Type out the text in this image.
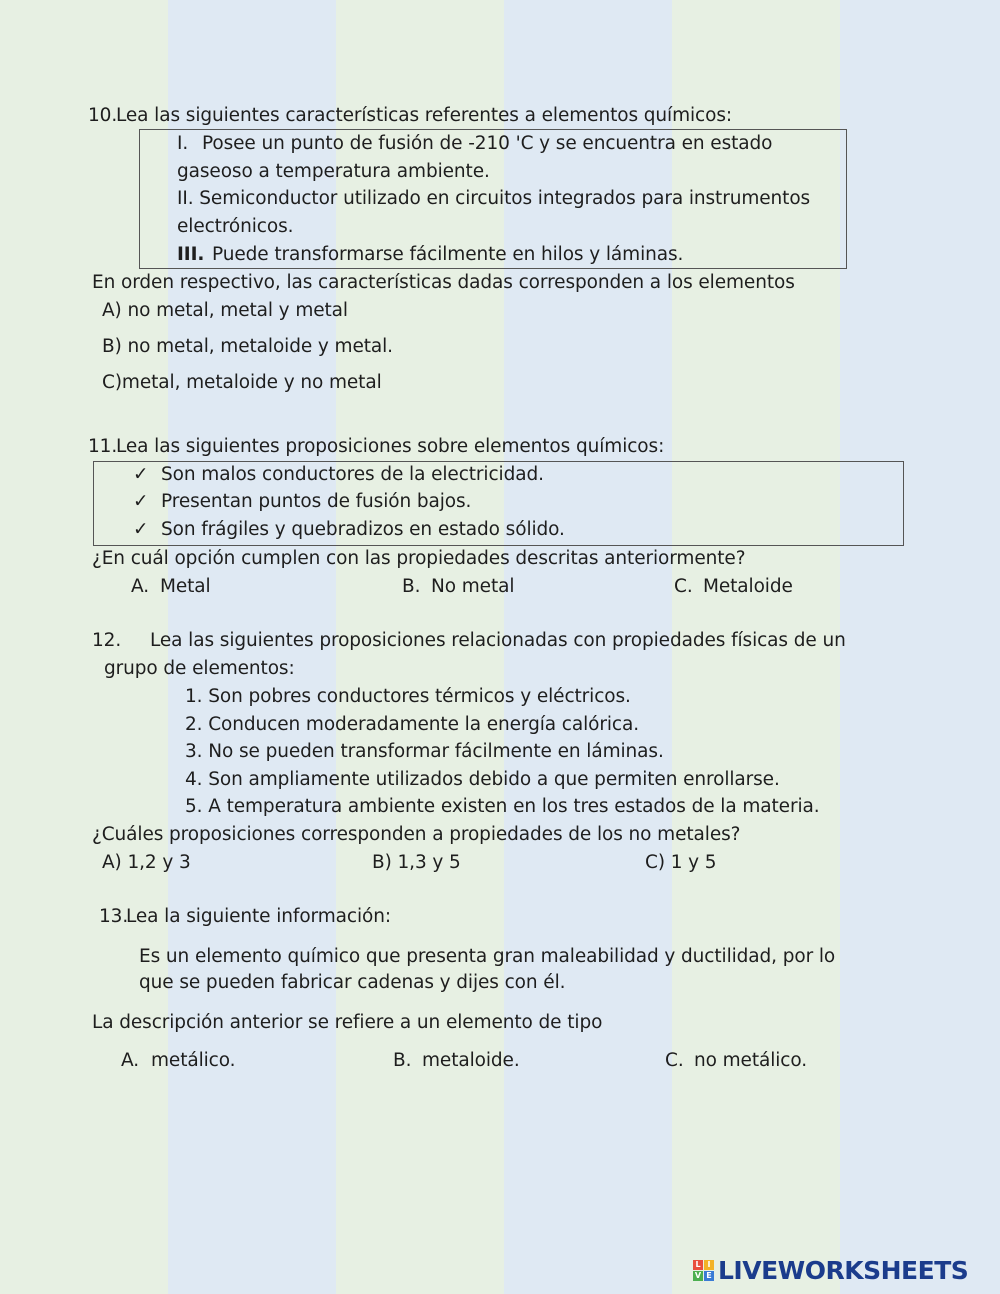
10.
Lea las siguientes características referentes a elementos químicos:
I. Posee un punto de fusión de -210 'C y se encuentra en estado
gaseoso a temperatura ambiente.
II. Semiconductor utilizado en circuitos integrados para instrumentos
electrónicos.
III. Puede transformarse fácilmente en hilos y láminas.
En orden respectivo, las características dadas corresponden a los elementos
A) no metal, metal y metal
B) no metal, metaloide y metal.
C)metal, metaloide y no metal
11.
Lea las siguientes proposiciones sobre elementos químicos:
✓ Son malos conductores de la electricidad.
✓ Presentan puntos de fusión bajos.
✓ Son frágiles y quebradizos en estado sólido.
¿En cuál opción cumplen con las propiedades descritas anteriormente?
A. Metal	B. No metal	C. Metaloide
12. Lea las siguientes proposiciones relacionadas con propiedades físicas de un
grupo de elementos:
1. Son pobres conductores térmicos y eléctricos.
2. Conducen moderadamente la energía calórica.
3. No se pueden transformar fácilmente en láminas.
4. Son ampliamente utilizados debido a que permiten enrollarse.
5. A temperatura ambiente existen en los tres estados de la materia.
¿Cuáles proposiciones corresponden a propiedades de los no metales?
A) 1,2 y 3	B) 1,3 y 5	C) 1 y 5
13.
Lea la siguiente información:
Es un elemento químico que presenta gran maleabilidad y ductilidad, por lo
que se pueden fabricar cadenas y dijes con él.
La descripción anterior se refiere a un elemento de tipo
A. metálico.	B. metaloide.	C. no metálico.
L I
V E LIVEWORKSHEETS
